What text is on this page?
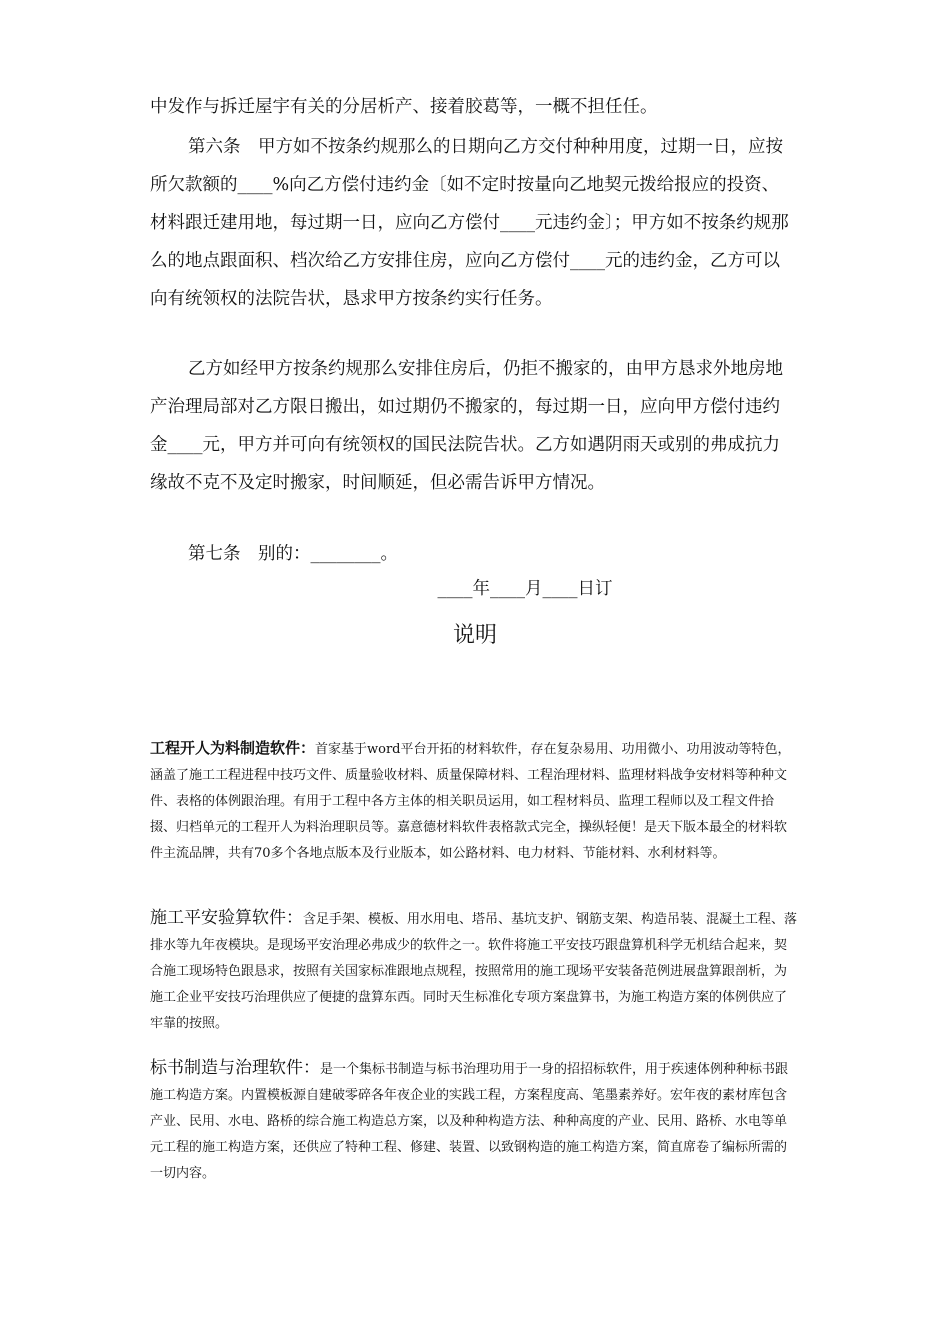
中发作与拆迁屋宇有关的分居析产、接着胶葛等，一概不担任任。

第六条　甲方如不按条约规那么的日期向乙方交付种种用度，过期一日，应按所欠款额的____%向乙方偿付违约金〔如不定时按量向乙地契元拨给报应的投资、材料跟迁建用地，每过期一日，应向乙方偿付____元违约金〕；甲方如不按条约规那么的地点跟面积、档次给乙方安排住房，应向乙方偿付____元的违约金，乙方可以向有统领权的法院告状，恳求甲方按条约实行任务。

乙方如经甲方按条约规那么安排住房后，仍拒不搬家的，由甲方恳求外地房地产治理局部对乙方限日搬出，如过期仍不搬家的，每过期一日，应向甲方偿付违约金____元，甲方并可向有统领权的国民法院告状。乙方如遇阴雨天或别的弗成抗力缘故不克不及定时搬家，时间顺延，但必需告诉甲方情况。

第七条　别的：________。

____年____月____日订
说明

工程开人为料制造软件：首家基于word平台开拓的材料软件，存在复杂易用、功用微小、功用波动等特色，涵盖了施工工程进程中技巧文件、质量验收材料、质量保障材料、工程治理材料、监理材料战争安材料等种种文件、表格的体例跟治理。有用于工程中各方主体的相关职员运用，如工程材料员、监理工程师以及工程文件拾掇、归档单元的工程开人为料治理职员等。嘉意德材料软件表格款式完全，操纵轻便！是天下版本最全的材料软件主流品牌，共有70多个各地点版本及行业版本，如公路材料、电力材料、节能材料、水利材料等。

施工平安验算软件：含足手架、模板、用水用电、塔吊、基坑支护、钢筋支架、构造吊装、混凝土工程、落排水等九年夜模块。是现场平安治理必弗成少的软件之一。软件将施工平安技巧跟盘算机科学无机结合起来，契合施工现场特色跟恳求，按照有关国家标准跟地点规程，按照常用的施工现场平安装备范例进展盘算跟剖析，为施工企业平安技巧治理供应了便捷的盘算东西。同时天生标准化专项方案盘算书，为施工构造方案的体例供应了牢靠的按照。

标书制造与治理软件：是一个集标书制造与标书治理功用于一身的招招标软件，用于疾速体例种种标书跟施工构造方案。内置模板源自建破零碎各年夜企业的实践工程，方案程度高、笔墨素养好。宏年夜的素材库包含产业、民用、水电、路桥的综合施工构造总方案，以及种种构造方法、种种高度的产业、民用、路桥、水电等单元工程的施工构造方案，还供应了特种工程、修建、装置、以致钢构造的施工构造方案，简直席卷了编标所需的一切内容。
